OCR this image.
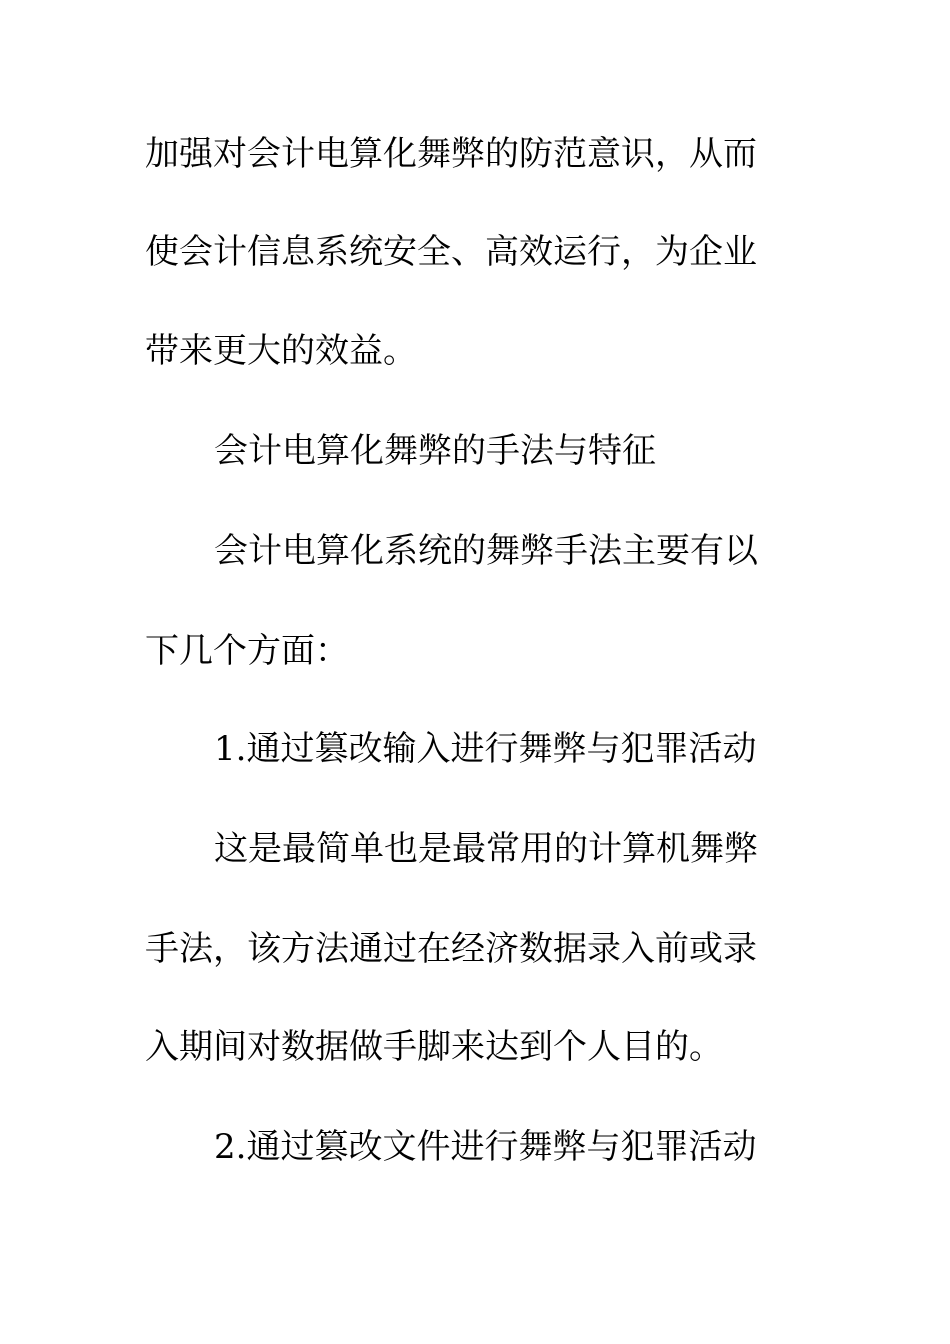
加强对会计电算化舞弊的防范意识，从而
使会计信息系统安全、高效运行，为企业
带来更大的效益。
会计电算化舞弊的手法与特征
会计电算化系统的舞弊手法主要有以
下几个方面：
1.通过篡改输入进行舞弊与犯罪活动
这是最简单也是最常用的计算机舞弊
手法，该方法通过在经济数据录入前或录
入期间对数据做手脚来达到个人目的。
2.通过篡改文件进行舞弊与犯罪活动
